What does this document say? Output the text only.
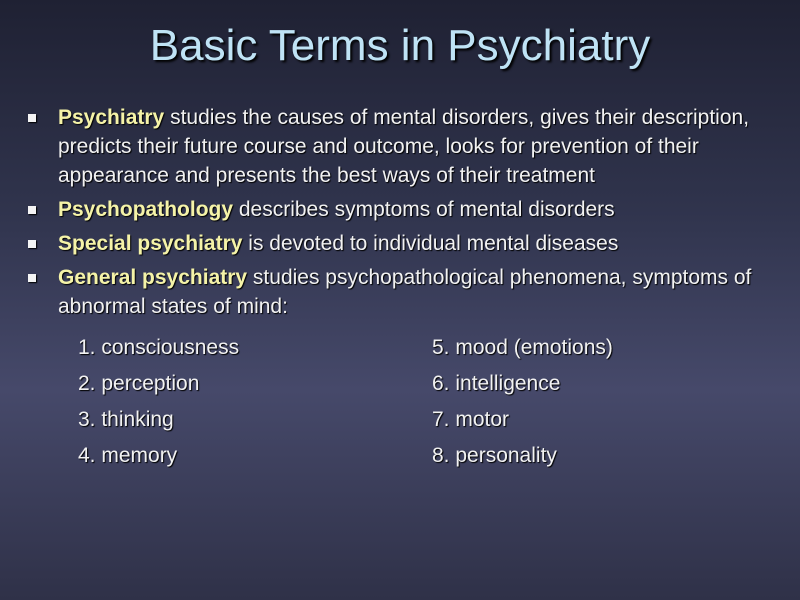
Basic Terms in Psychiatry
Psychiatry studies the causes of mental disorders, gives their description, predicts their future course and outcome, looks for prevention of their appearance and presents the best ways of their treatment
Psychopathology describes symptoms of mental disorders
Special psychiatry is devoted to individual mental diseases
General psychiatry studies psychopathological phenomena, symptoms of abnormal states of mind:
1. consciousness	5. mood (emotions)
2. perception	6. intelligence
3. thinking	7. motor
4. memory	8. personality
